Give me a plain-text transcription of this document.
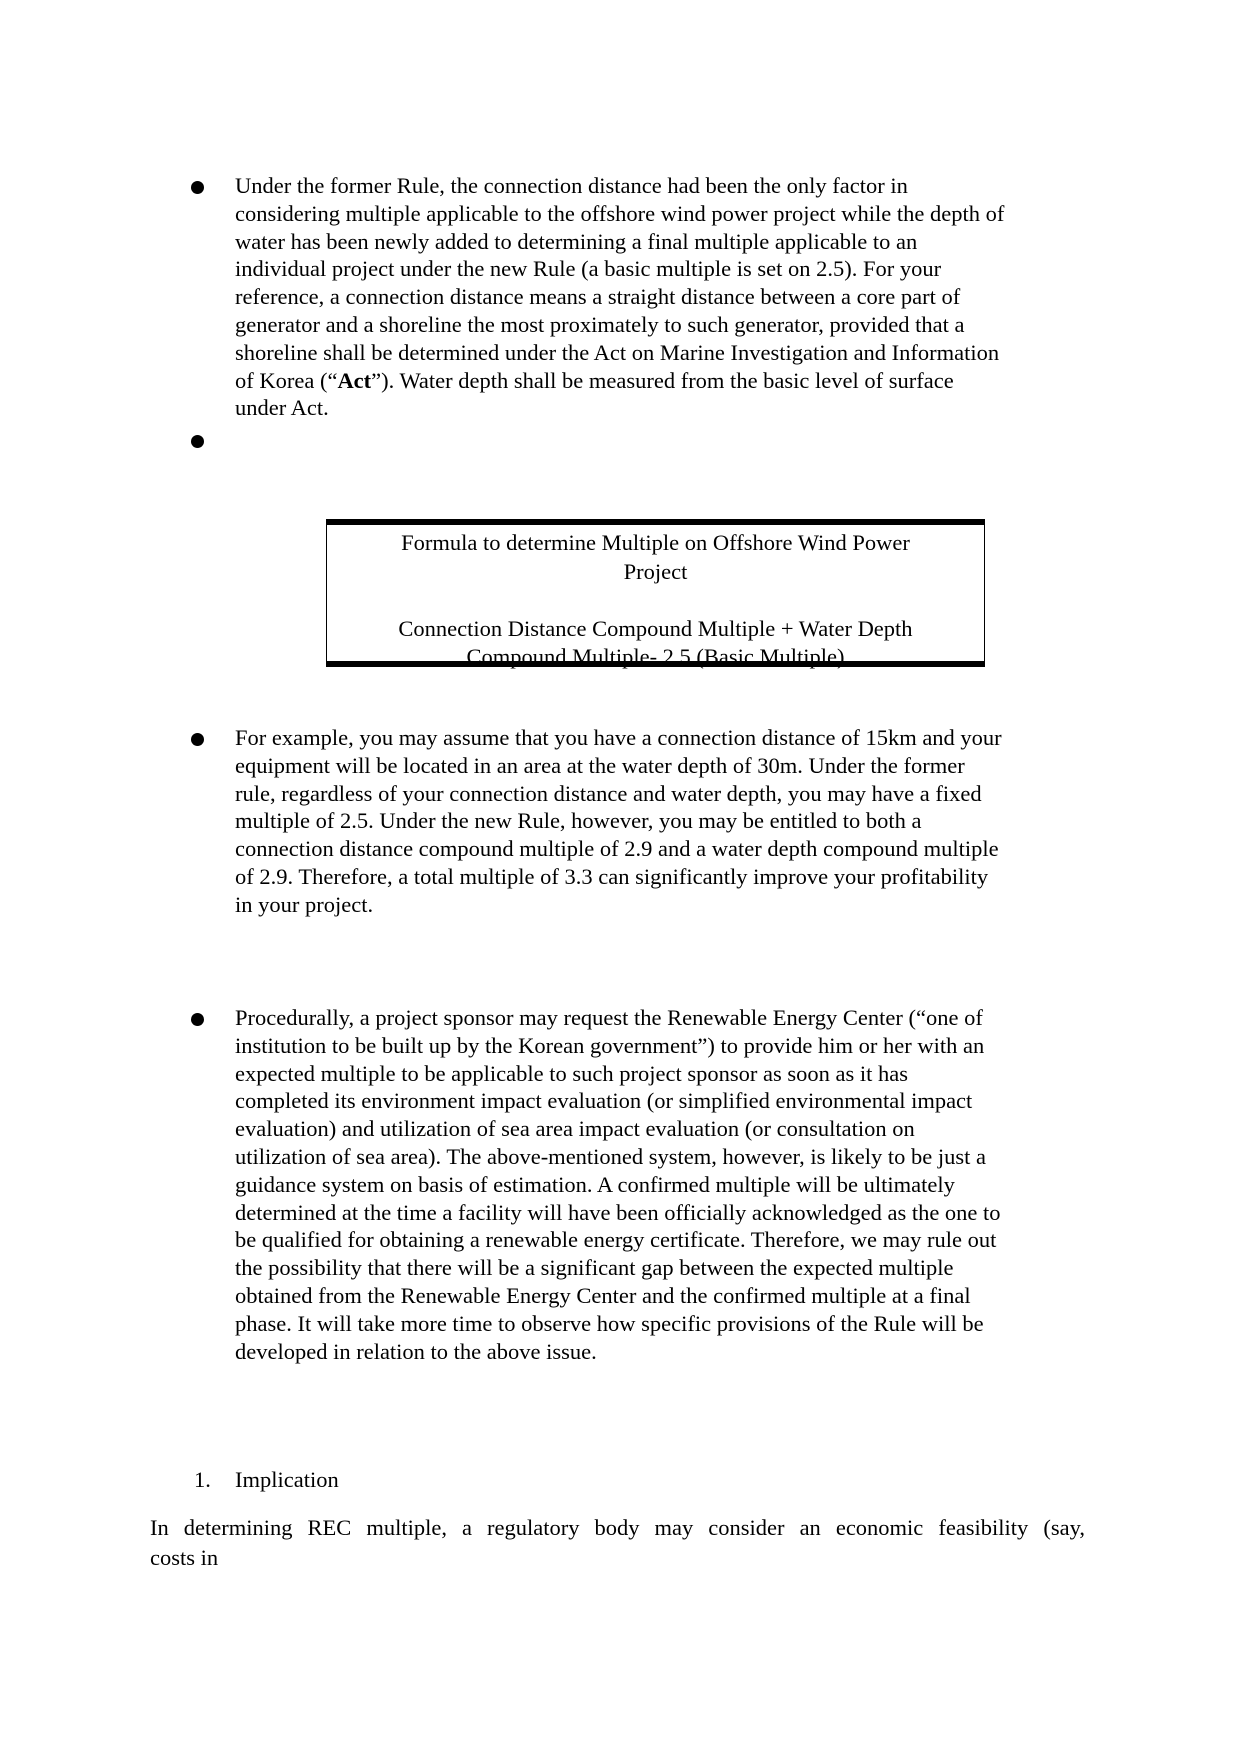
Under the former Rule, the connection distance had been the only factor in
considering multiple applicable to the offshore wind power project while the depth of
water has been newly added to determining a final multiple applicable to an
individual project under the new Rule (a basic multiple is set on 2.5). For your
reference, a connection distance means a straight distance between a core part of
generator and a shoreline the most proximately to such generator, provided that a
shoreline shall be determined under the Act on Marine Investigation and Information
of Korea (“Act”). Water depth shall be measured from the basic level of surface
under Act.
Formula to determine Multiple on Offshore Wind Power
Project
Connection Distance Compound Multiple + Water Depth
Compound Multiple- 2.5 (Basic Multiple)
For example, you may assume that you have a connection distance of 15km and your
equipment will be located in an area at the water depth of 30m. Under the former
rule, regardless of your connection distance and water depth, you may have a fixed
multiple of 2.5. Under the new Rule, however, you may be entitled to both a
connection distance compound multiple of 2.9 and a water depth compound multiple
of 2.9. Therefore, a total multiple of 3.3 can significantly improve your profitability
in your project.
Procedurally, a project sponsor may request the Renewable Energy Center (“one of
institution to be built up by the Korean government”) to provide him or her with an
expected multiple to be applicable to such project sponsor as soon as it has
completed its environment impact evaluation (or simplified environmental impact
evaluation) and utilization of sea area impact evaluation (or consultation on
utilization of sea area). The above-mentioned system, however, is likely to be just a
guidance system on basis of estimation. A confirmed multiple will be ultimately
determined at the time a facility will have been officially acknowledged as the one to
be qualified for obtaining a renewable energy certificate. Therefore, we may rule out
the possibility that there will be a significant gap between the expected multiple
obtained from the Renewable Energy Center and the confirmed multiple at a final
phase. It will take more time to observe how specific provisions of the Rule will be
developed in relation to the above issue.
1. Implication
In determining REC multiple, a regulatory body may consider an economic feasibility (say,
costs in
